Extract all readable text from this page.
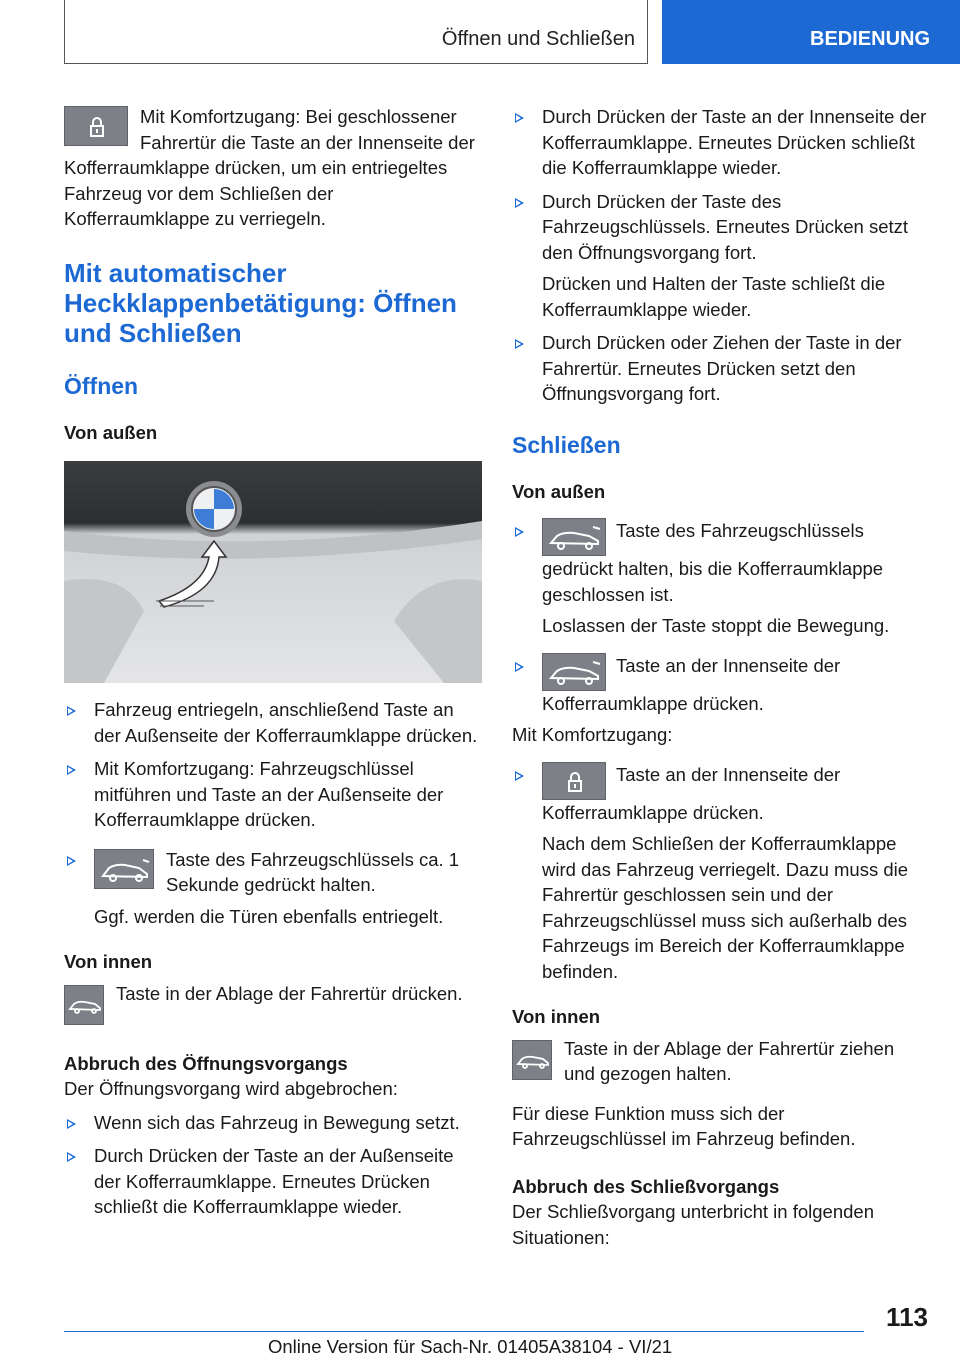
Öffnen und Schließen	BEDIENUNG

Mit Komfortzugang: Bei geschlossener Fahrertür die Taste an der Innenseite der Kofferraumklappe drücken, um ein entriegeltes Fahrzeug vor dem Schließen der Kofferraumklappe zu verriegeln.

Mit automatischer Heckklappenbetätigung: Öffnen und Schließen
Öffnen
Von außen
Fahrzeug entriegeln, anschließend Taste an der Außenseite der Kofferraumklappe drücken.
Mit Komfortzugang: Fahrzeugschlüssel mitführen und Taste an der Außenseite der Kofferraumklappe drücken.
Taste des Fahrzeugschlüssels ca. 1 Sekunde gedrückt halten.

Ggf. werden die Türen ebenfalls entriegelt.

Von innen

Taste in der Ablage der Fahrertür drücken.

Abbruch des Öffnungsvorgangs

Der Öffnungsvorgang wird abgebrochen:

Wenn sich das Fahrzeug in Bewegung setzt.
Durch Drücken der Taste an der Außenseite der Kofferraumklappe. Erneutes Drücken schließt die Kofferraumklappe wieder.
Durch Drücken der Taste an der Innenseite der Kofferraumklappe. Erneutes Drücken schließt die Kofferraumklappe wieder.
Durch Drücken der Taste des Fahrzeugschlüssels. Erneutes Drücken setzt den Öffnungsvorgang fort.

Drücken und Halten der Taste schließt die Kofferraumklappe wieder.

Durch Drücken oder Ziehen der Taste in der Fahrertür. Erneutes Drücken setzt den Öffnungsvorgang fort.
Schließen
Von außen
Taste des Fahrzeugschlüssels gedrückt halten, bis die Kofferraumklappe geschlossen ist.

Loslassen der Taste stoppt die Bewegung.

Taste an der Innenseite der Kofferraumklappe drücken.

Mit Komfortzugang:

Taste an der Innenseite der Kofferraumklappe drücken.

Nach dem Schließen der Kofferraumklappe wird das Fahrzeug verriegelt. Dazu muss die Fahrertür geschlossen sein und der Fahrzeugschlüssel muss sich außerhalb des Fahrzeugs im Bereich der Kofferraumklappe befinden.

Von innen

Taste in der Ablage der Fahrertür ziehen und gezogen halten.

Für diese Funktion muss sich der Fahrzeugschlüssel im Fahrzeug befinden.

Abbruch des Schließvorgangs

Der Schließvorgang unterbricht in folgenden Situationen:

113
Online Version für Sach-Nr. 01405A38104 - VI/21
